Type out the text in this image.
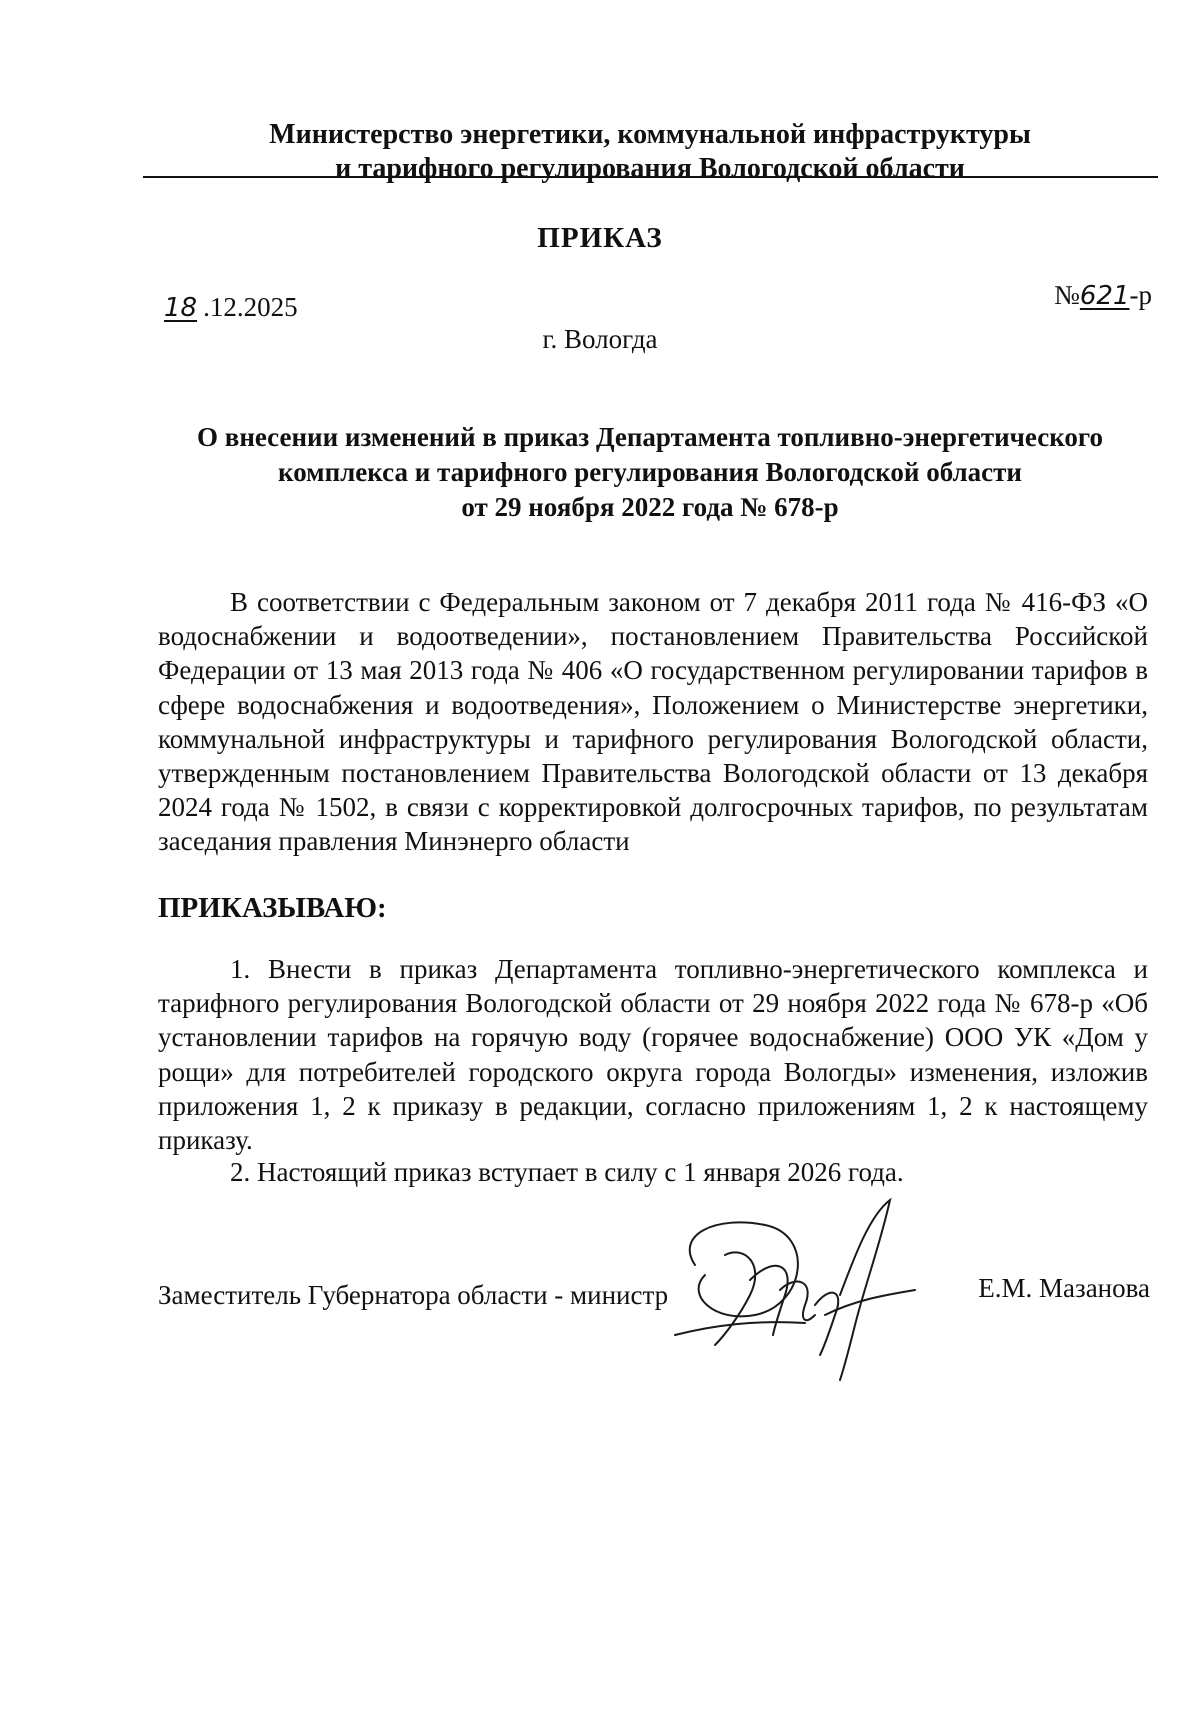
Министерство энергетики, коммунальной инфраструктуры
и тарифного регулирования Вологодской области
ПРИКАЗ
18 .12.2025	№621-р
г. Вологда
О внесении изменений в приказ Департамента топливно-энергетического
комплекса и тарифного регулирования Вологодской области
от 29 ноября 2022 года № 678-р
В соответствии с Федеральным законом от 7 декабря 2011 года № 416-ФЗ «О водоснабжении и водоотведении», постановлением Правительства Российской Федерации от 13 мая 2013 года № 406 «О государственном регулировании тарифов в сфере водоснабжения и водоотведения», Положением о Министерстве энергетики, коммунальной инфраструктуры и тарифного регулирования Вологодской области, утвержденным постановлением Правительства Вологодской области от 13 декабря 2024 года № 1502, в связи с корректировкой долгосрочных тарифов, по результатам заседания правления Минэнерго области
ПРИКАЗЫВАЮ:
1. Внести в приказ Департамента топливно-энергетического комплекса и тарифного регулирования Вологодской области от 29 ноября 2022 года № 678-р «Об установлении тарифов на горячую воду (горячее водоснабжение) ООО УК «Дом у рощи» для потребителей городского округа города Вологды» изменения, изложив приложения 1, 2 к приказу в редакции, согласно приложениям 1, 2 к настоящему приказу.
2. Настоящий приказ вступает в силу с 1 января 2026 года.
Заместитель Губернатора области - министр	Е.М. Мазанова
